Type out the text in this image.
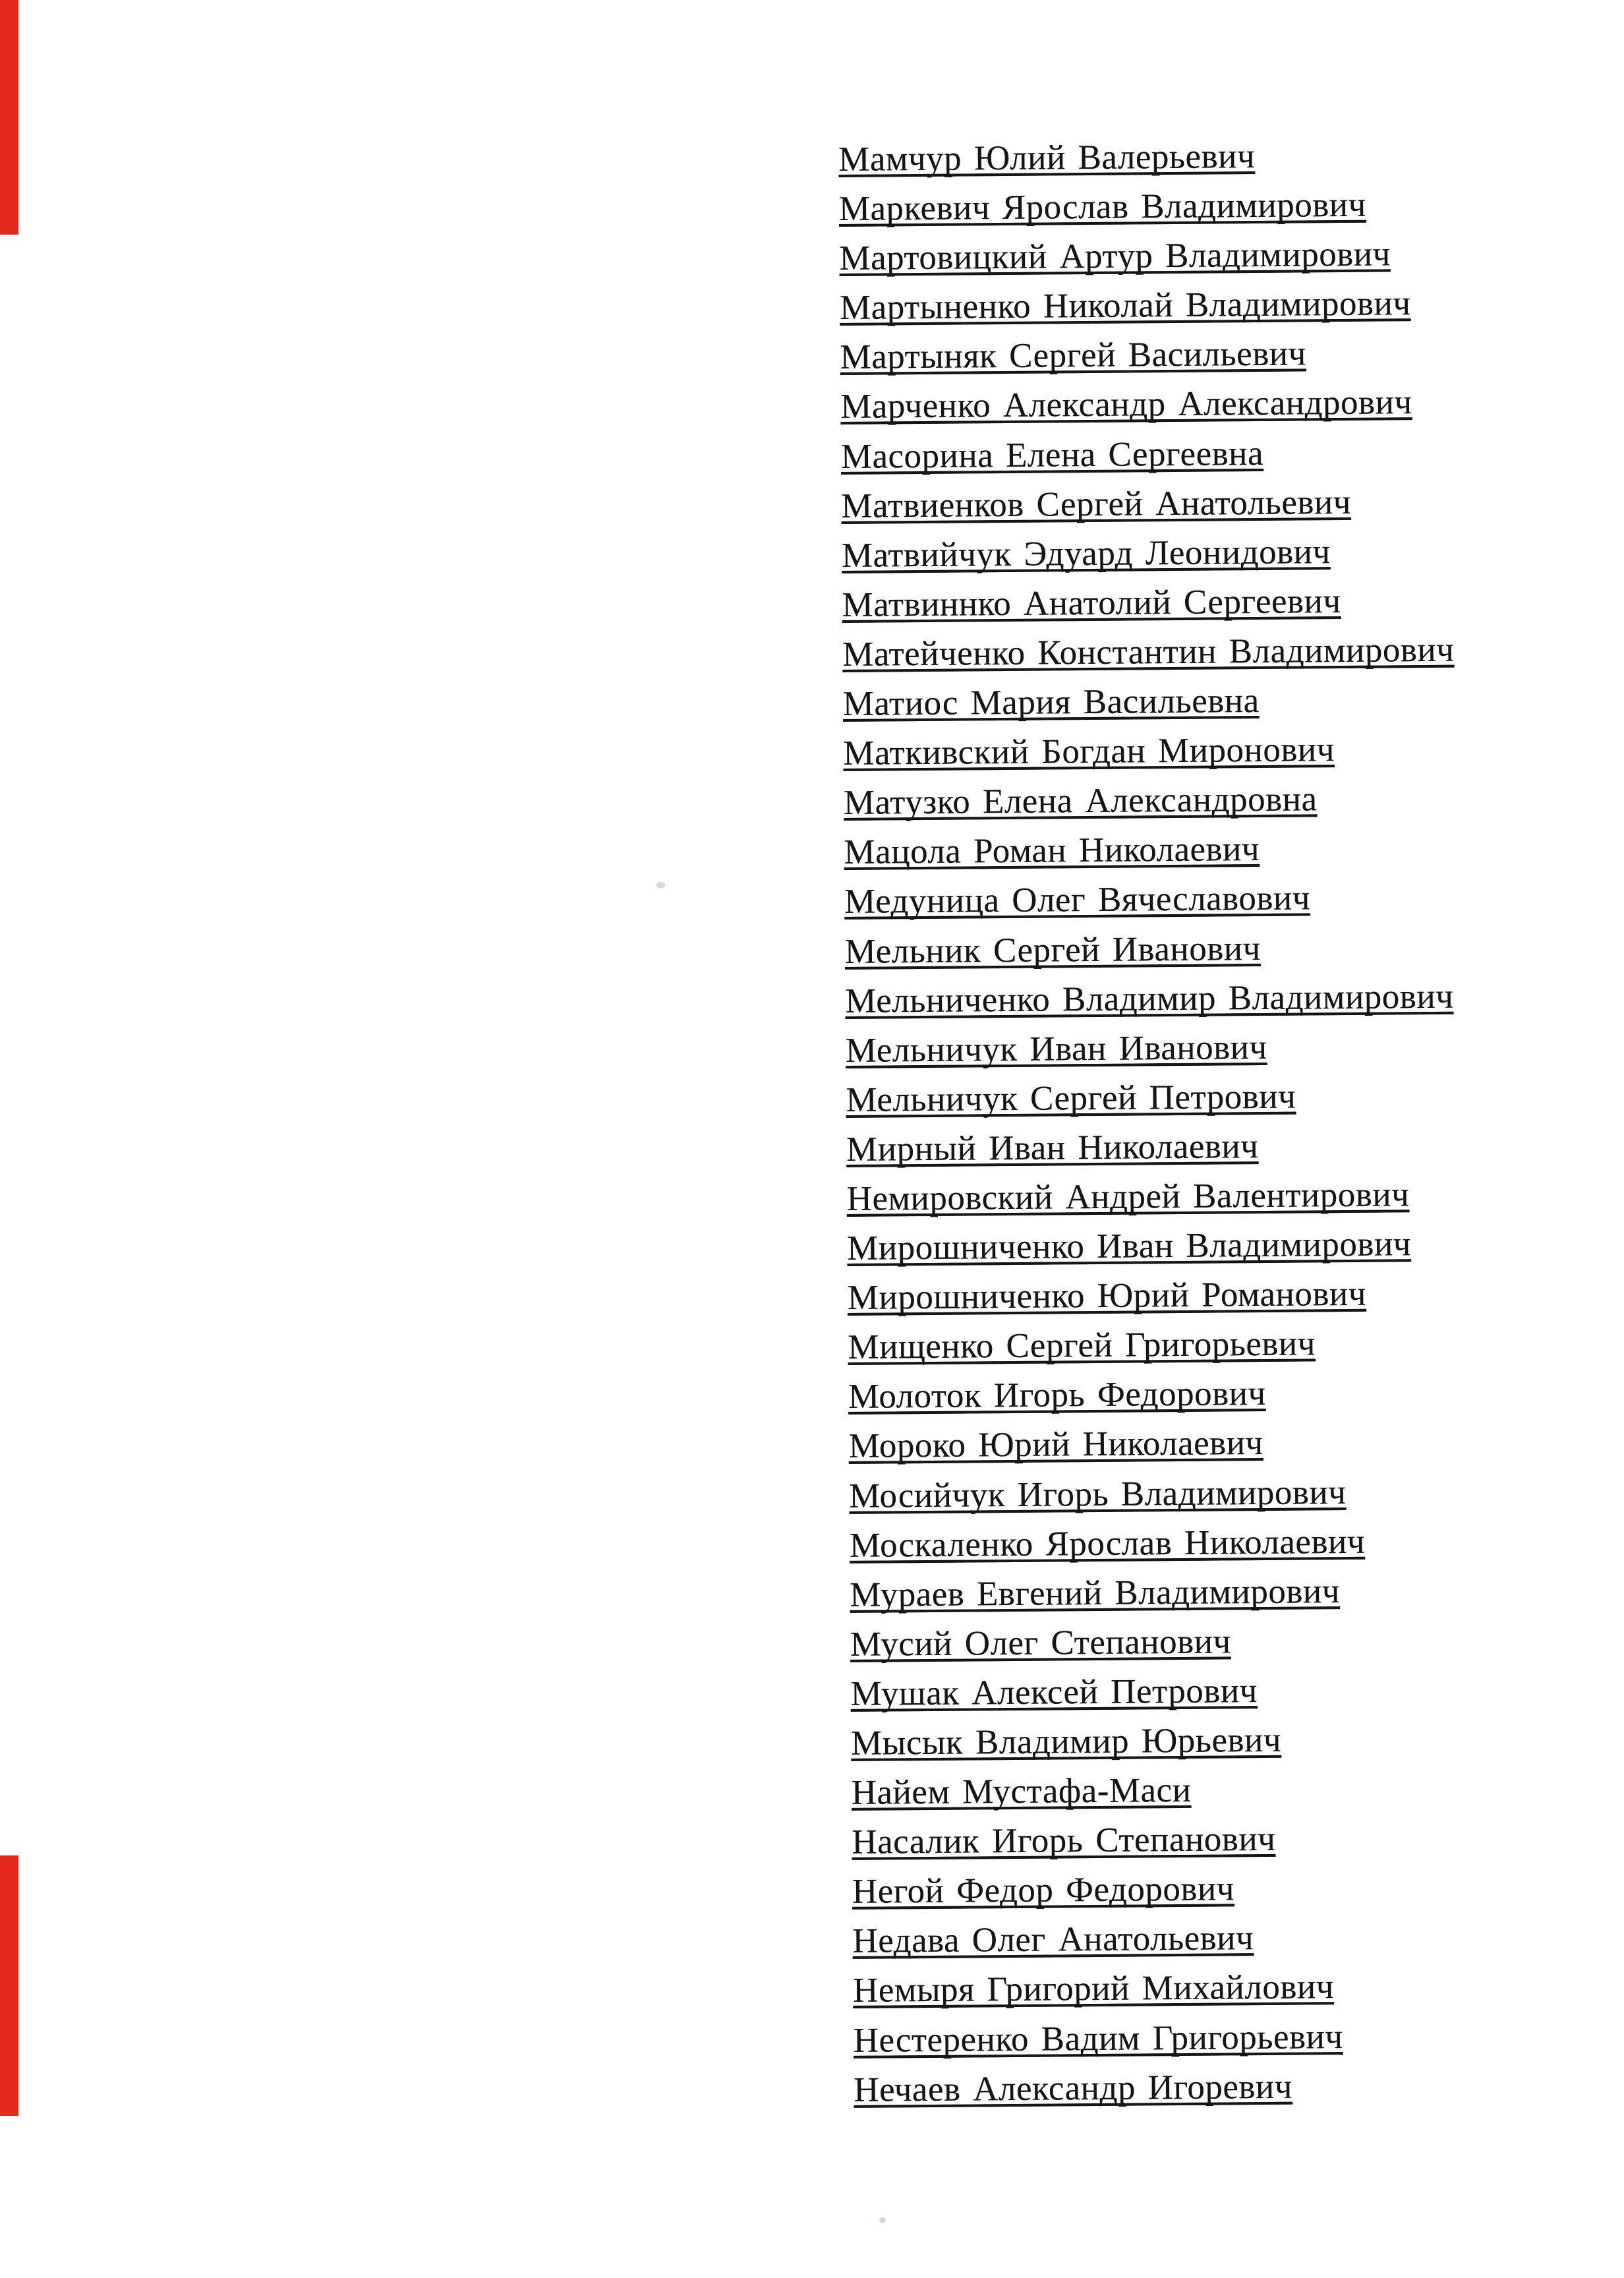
Мамчур Юлий Валерьевич
Маркевич Ярослав Владимирович
Мартовицкий Артур Владимирович
Мартыненко Николай Владимирович
Мартыняк Сергей Васильевич
Марченко Александр Александрович
Масорина Елена Сергеевна
Матвиенков Сергей Анатольевич
Матвийчук Эдуард Леонидович
Матвиннко Анатолий Сергеевич
Матейченко Константин Владимирович
Матиос Мария Васильевна
Маткивский Богдан Миронович
Матузко Елена Александровна
Мацола Роман Николаевич
Медуница Олег Вячеславович
Мельник Сергей Иванович
Мельниченко Владимир Владимирович
Мельничук Иван Иванович
Мельничук Сергей Петрович
Мирный Иван Николаевич
Немировский Андрей Валентирович
Мирошниченко Иван Владимирович
Мирошниченко Юрий Романович
Мищенко Сергей Григорьевич
Молоток Игорь Федорович
Мороко Юрий Николаевич
Мосийчук Игорь Владимирович
Москаленко Ярослав Николаевич
Мураев Евгений Владимирович
Мусий Олег Степанович
Мушак Алексей Петрович
Мысык Владимир Юрьевич
Найем Мустафа-Маси
Насалик Игорь Степанович
Негой Федор Федорович
Недава Олег Анатольевич
Немыря Григорий Михайлович
Нестеренко Вадим Григорьевич
Нечаев Александр Игоревич
